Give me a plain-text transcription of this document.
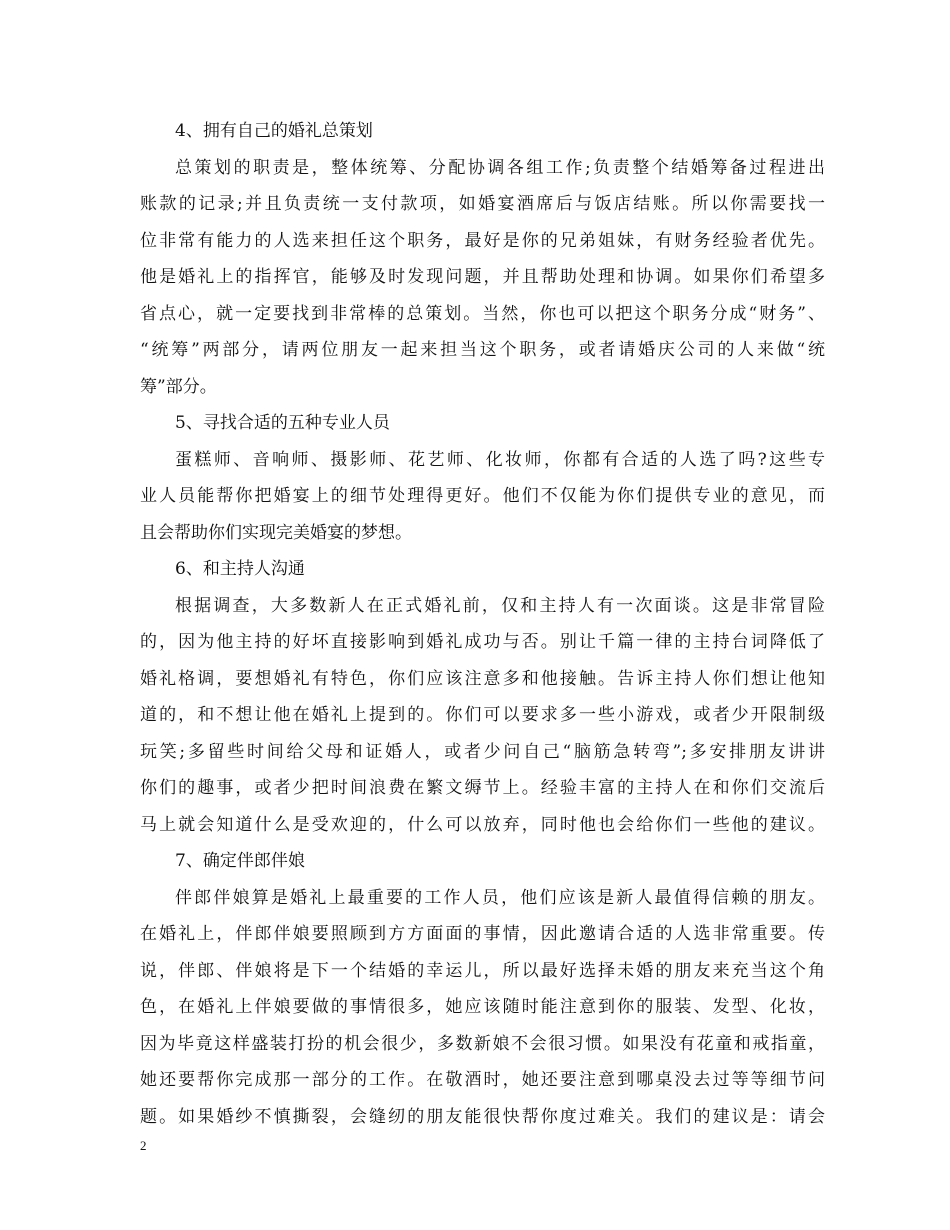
4、拥有自己的婚礼总策划
总策划的职责是，整体统筹、分配协调各组工作;负责整个结婚筹备过程进出
账款的记录;并且负责统一支付款项，如婚宴酒席后与饭店结账。所以你需要找一
位非常有能力的人选来担任这个职务，最好是你的兄弟姐妹，有财务经验者优先。
他是婚礼上的指挥官，能够及时发现问题，并且帮助处理和协调。如果你们希望多
省点心，就一定要找到非常棒的总策划。当然，你也可以把这个职务分成“财务”、
“统筹”两部分，请两位朋友一起来担当这个职务，或者请婚庆公司的人来做“统
筹”部分。
5、寻找合适的五种专业人员
蛋糕师、音响师、摄影师、花艺师、化妆师，你都有合适的人选了吗?这些专
业人员能帮你把婚宴上的细节处理得更好。他们不仅能为你们提供专业的意见，而
且会帮助你们实现完美婚宴的梦想。
6、和主持人沟通
根据调查，大多数新人在正式婚礼前，仅和主持人有一次面谈。这是非常冒险
的，因为他主持的好坏直接影响到婚礼成功与否。别让千篇一律的主持台词降低了
婚礼格调，要想婚礼有特色，你们应该注意多和他接触。告诉主持人你们想让他知
道的，和不想让他在婚礼上提到的。你们可以要求多一些小游戏，或者少开限制级
玩笑;多留些时间给父母和证婚人，或者少问自己“脑筋急转弯”;多安排朋友讲讲
你们的趣事，或者少把时间浪费在繁文缛节上。经验丰富的主持人在和你们交流后
马上就会知道什么是受欢迎的，什么可以放弃，同时他也会给你们一些他的建议。
7、确定伴郎伴娘
伴郎伴娘算是婚礼上最重要的工作人员，他们应该是新人最值得信赖的朋友。
在婚礼上，伴郎伴娘要照顾到方方面面的事情，因此邀请合适的人选非常重要。传
说，伴郎、伴娘将是下一个结婚的幸运儿，所以最好选择未婚的朋友来充当这个角
色，在婚礼上伴娘要做的事情很多，她应该随时能注意到你的服装、发型、化妆，
因为毕竟这样盛装打扮的机会很少，多数新娘不会很习惯。如果没有花童和戒指童，
她还要帮你完成那一部分的工作。在敬酒时，她还要注意到哪桌没去过等等细节问
题。如果婚纱不慎撕裂，会缝纫的朋友能很快帮你度过难关。我们的建议是：请会
2
